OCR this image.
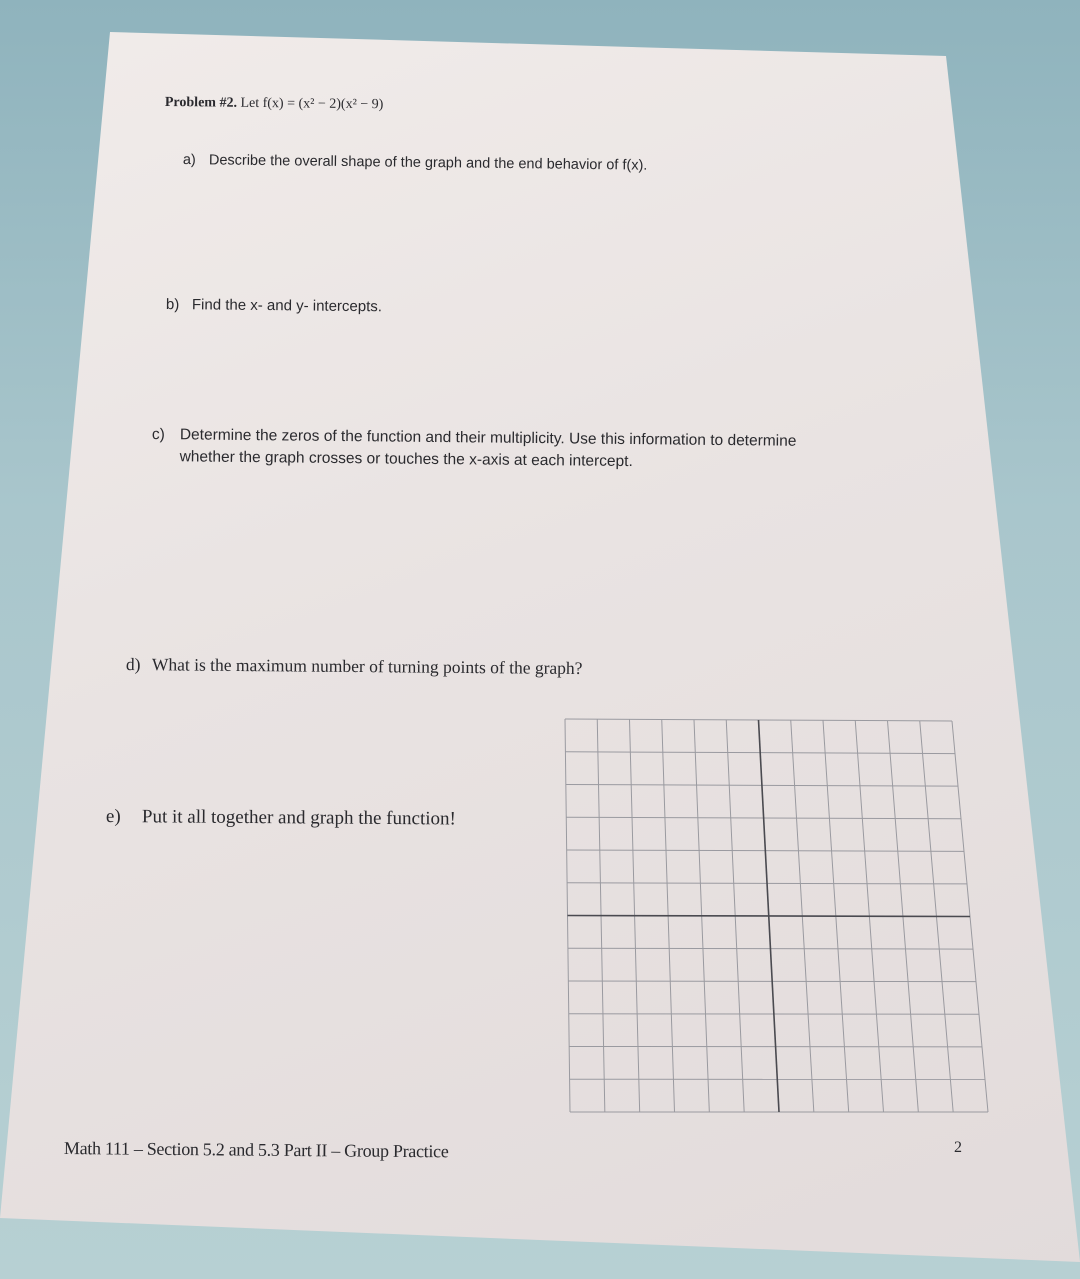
Problem #2. Let f(x) = (x² − 2)(x² − 9)
a) Describe the overall shape of the graph and the end behavior of f(x).
b) Find the x- and y- intercepts.
c) Determine the zeros of the function and their multiplicity. Use this information to determine
whether the graph crosses or touches the x-axis at each intercept.
d) What is the maximum number of turning points of the graph?
e) Put it all together and graph the function!
Math 111 – Section 5.2 and 5.3 Part II – Group Practice	2
